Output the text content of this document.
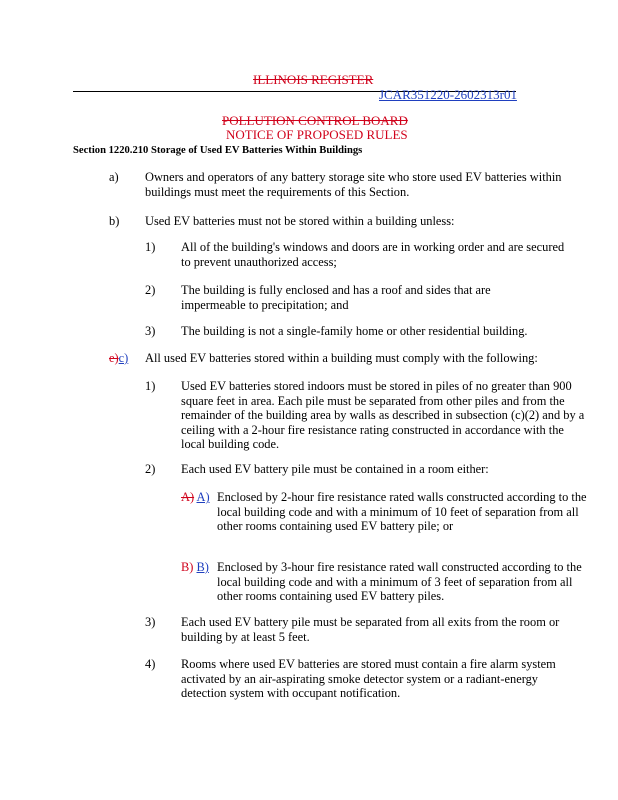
ILLINOIS REGISTER
JCAR351220-2602313r01
POLLUTION CONTROL BOARD
NOTICE OF PROPOSED RULES
Section 1220.210 Storage of Used EV Batteries Within Buildings
a) Owners and operators of any battery storage site who store used EV batteries within buildings must meet the requirements of this Section.
b) Used EV batteries must not be stored within a building unless:
1) All of the building's windows and doors are in working order and are secured to prevent unauthorized access;
2) The building is fully enclosed and has a roof and sides that are impermeable to precipitation; and
3) The building is not a single-family home or other residential building.
e)c) All used EV batteries stored within a building must comply with the following:
1) Used EV batteries stored indoors must be stored in piles of no greater than 900 square feet in area. Each pile must be separated from other piles and from the remainder of the building area by walls as described in subsection (c)(2) and by a ceiling with a 2-hour fire resistance rating constructed in accordance with the local building code.
2) Each used EV battery pile must be contained in a room either:
A) A) Enclosed by 2-hour fire resistance rated walls constructed according to the local building code and with a minimum of 10 feet of separation from all other rooms containing used EV battery pile; or
B) B) Enclosed by 3-hour fire resistance rated wall constructed according to the local building code and with a minimum of 3 feet of separation from all other rooms containing used EV battery piles.
3) Each used EV battery pile must be separated from all exits from the room or building by at least 5 feet.
4) Rooms where used EV batteries are stored must contain a fire alarm system activated by an air-aspirating smoke detector system or a radiant-energy detection system with occupant notification.
